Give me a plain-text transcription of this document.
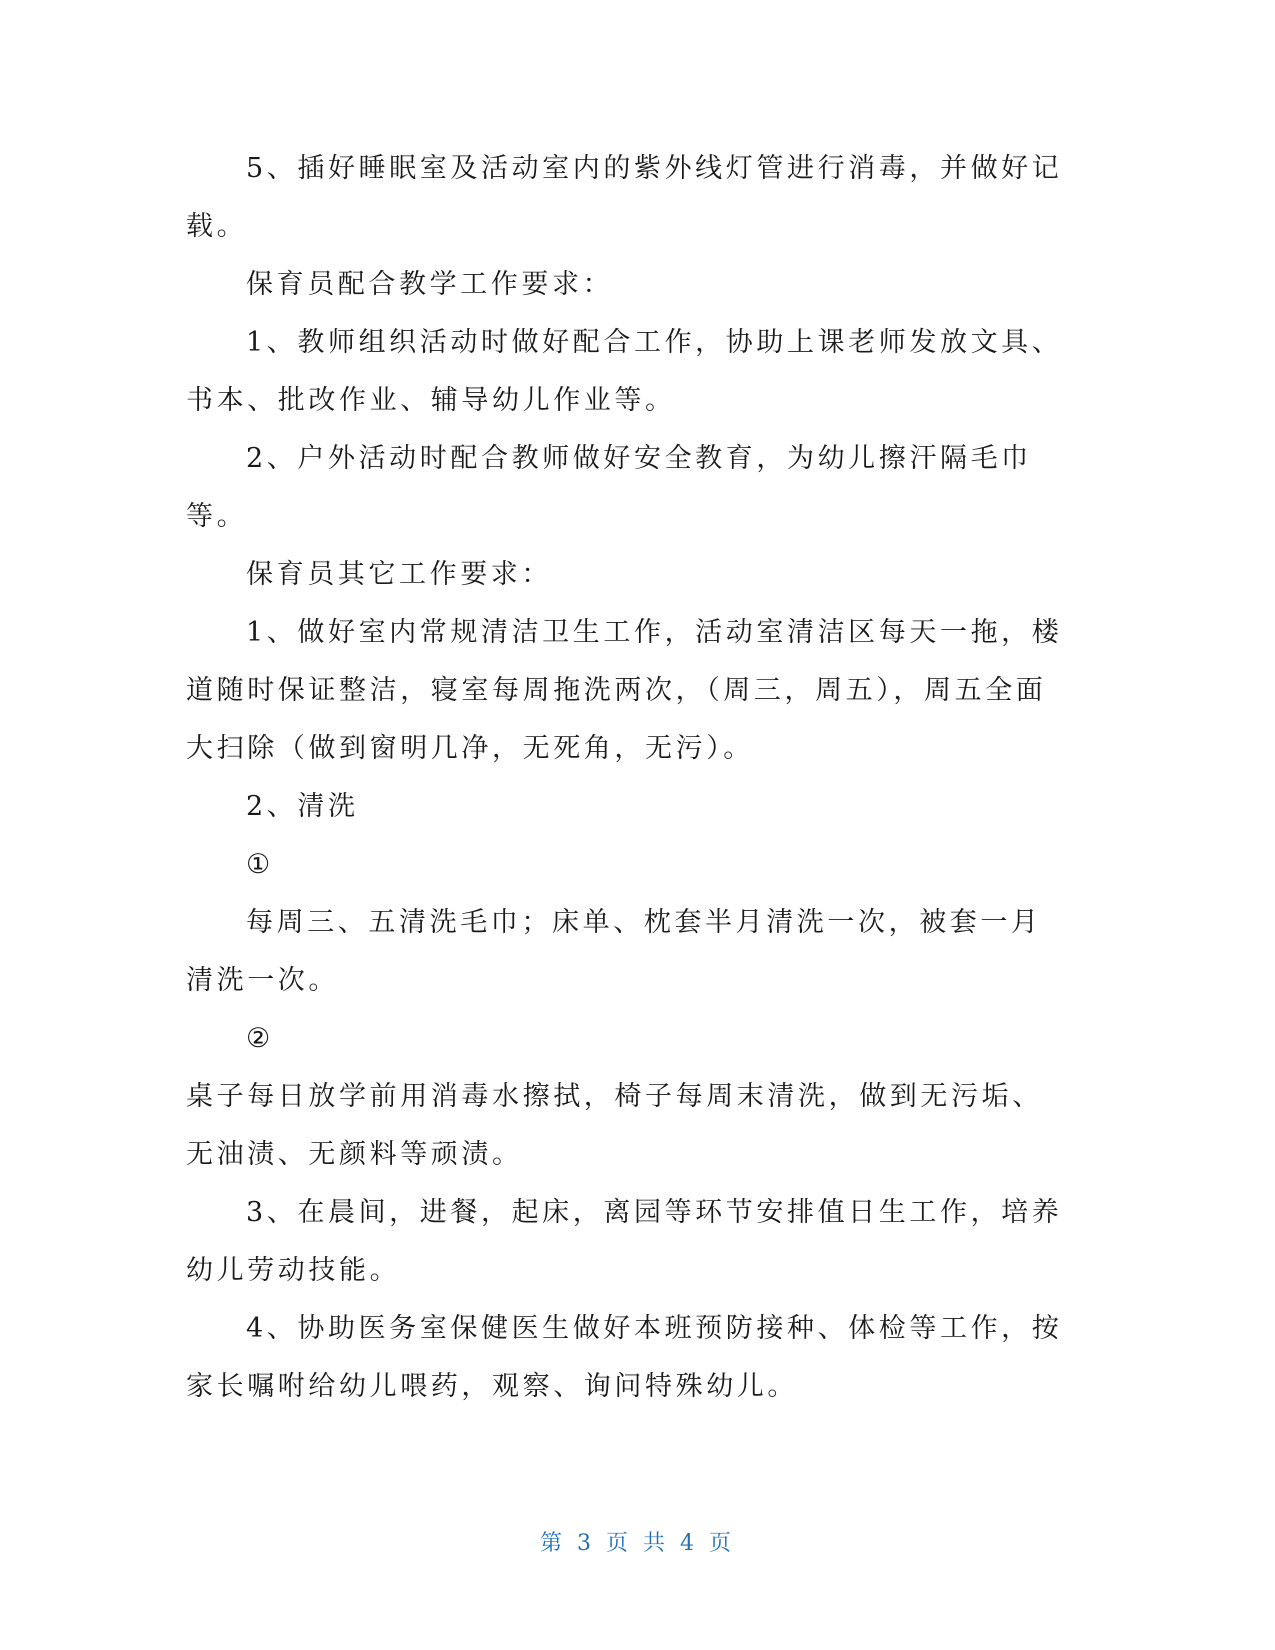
5、插好睡眠室及活动室内的紫外线灯管进行消毒，并做好记载。

保育员配合教学工作要求：

1、教师组织活动时做好配合工作，协助上课老师发放文具、书本、批改作业、辅导幼儿作业等。

2、户外活动时配合教师做好安全教育，为幼儿擦汗隔毛巾等。

保育员其它工作要求：

1、做好室内常规清洁卫生工作，活动室清洁区每天一拖，楼道随时保证整洁，寝室每周拖洗两次，（周三，周五），周五全面大扫除（做到窗明几净，无死角，无污）。

2、清洗

①

每周三、五清洗毛巾；床单、枕套半月清洗一次，被套一月清洗一次。

②

桌子每日放学前用消毒水擦拭，椅子每周末清洗，做到无污垢、无油渍、无颜料等顽渍。

3、在晨间，进餐，起床，离园等环节安排值日生工作，培养幼儿劳动技能。

4、协助医务室保健医生做好本班预防接种、体检等工作，按家长嘱咐给幼儿喂药，观察、询问特殊幼儿。

第 3 页 共 4 页
